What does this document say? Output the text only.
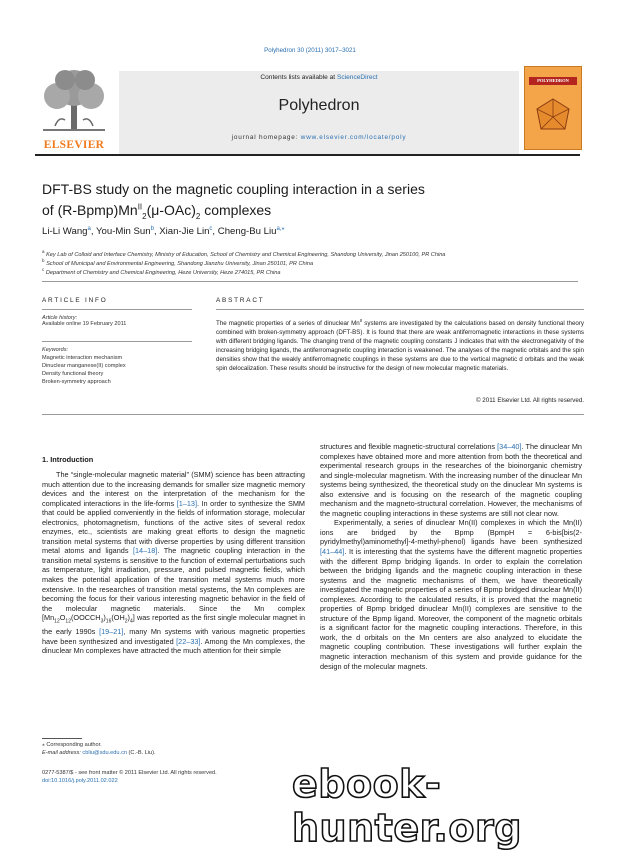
Polyhedron 30 (2011) 3017–3021
ELSEVIER
Contents lists available at ScienceDirect
Polyhedron
journal homepage: www.elsevier.com/locate/poly
POLYHEDRON
DFT-BS study on the magnetic coupling interaction in a series
of $(R-Bpmp)Mn^{II}_2(\mu-OAc)_2$ complexes
Li-Li Wang$^a$, You-Min Sun$^b$, Xian-Jie Lin$^c$, Cheng-Bu Liu$^{a,⁎}$
$^a$ Key Lab of Colloid and Interface Chemistry, Ministry of Education, School of Chemistry and Chemical Engineering, Shandong University, Jinan 250100, PR China
$^b$ School of Municipal and Environmental Engineering, Shandong Jianzhu University, Jinan 250101, PR China
$^c$ Department of Chemistry and Chemical Engineering, Heze University, Heze 274015, PR China
ARTICLE INFO
Article history:
Available online 19 February 2011
Keywords:
Magnetic interaction mechanism
Dinuclear manganese(II) complex
Density functional theory
Broken-symmetry approach
ABSTRACT
The magnetic properties of a series of dinuclear $Mn^{II}$ systems are investigated by the calculations based on density functional theory combined with broken-symmetry approach (DFT-BS). It is found that there are weak antiferromagnetic interactions in these systems with different bridging ligands. The changing trend of the magnetic coupling constants J indicates that with the electronegativity of the increasing bridging ligands, the antiferromagnetic coupling interaction is weakened. The analyses of the magnetic orbitals and the spin densities show that the weakly antiferromagnetic couplings in these systems are due to the vertical magnetic d orbitals and the weak spin delocalization. These results should be instructive for the design of new molecular magnetic materials.
© 2011 Elsevier Ltd. All rights reserved.
1. Introduction

The “single-molecular magnetic material” (SMM) science has been attracting much attention due to the increasing demands for smaller size magnetic memory devices and the interest on the interpretation of the mechanism for the complicated interactions in the life-forms [1–13]. In order to synthesize the SMM that could be applied conveniently in the fields of information storage, molecular electronics, photomagnetism, functions of the active sites of several redox enzymes, etc., scientists are making great efforts to design the magnetic transition metal systems that with diverse properties by using different transition metal atoms and ligands [14–18]. The magnetic coupling interaction in the transition metal systems is sensitive to the function of external perturbations such as temperature, light irradiation, pressure, and pulsed magnetic fields, which makes the potential application of the transition metal systems much more extensive. In the researches of transition metal systems, the Mn complexes are becoming the focus for their various interesting magnetic behavior in the field of the molecular magnetic materials. Since the Mn complex $[Mn_{12}O_{12}(OOCCH_3)_{16}(OH_2)_4]$ was reported as the first single molecular magnet in the early 1990s [19–21], many Mn systems with various magnetic properties have been synthesized and investigated [22–33]. Among the Mn complexes, the dinuclear Mn complexes have attracted the much attention for their simple

structures and flexible magnetic-structural correlations [34–40]. The dinuclear Mn complexes have obtained more and more attention from both the theoretical and experimental research groups in the researches of the bioinorganic chemistry and single-molecular magnetism. With the increasing number of the dinuclear Mn systems being synthesized, the theoretical study on the dinuclear Mn systems is also extensive and is focusing on the research of the magnetic coupling mechanism and the magneto-structural correlation. However, the mechanisms of the magnetic coupling interactions in these systems are still not clear now.

Experimentally, a series of dinuclear Mn(II) complexes in which the Mn(II) ions are bridged by the Bpmp (BpmpH = 6-bis[bis(2-pyridylmethyl)aminomethyl]-4-methyl-phenol) ligands have been synthesized [41–44]. It is interesting that the systems have the different magnetic properties with the different Bpmp bridging ligands. In order to explain the correlation between the bridging ligands and the magnetic coupling interaction in these systems and the magnetic mechanisms of them, we have theoretically investigated the magnetic properties of a series of Bpmp bridged dinuclear Mn(II) complexes. According to the calculated results, it is proved that the magnetic properties of Bpmp bridged dinuclear Mn(II) complexes are sensitive to the structure of the Bpmp ligand. Moreover, the component of the magnetic orbitals is a significant factor for the magnetic coupling interactions. Therefore, in this work, the d orbitals on the Mn centers are also analyzed to elucidate the magnetic coupling contribution. These investigations will further explain the magnetic interaction mechanism of this system and provide guidance for the design of the molecular magnets.

⁎ Corresponding author.
E-mail address: cbliu@sdu.edu.cn (C.-B. Liu).
0277-5387/$ - see front matter © 2011 Elsevier Ltd. All rights reserved.
doi:10.1016/j.poly.2011.02.022	ebook-hunter.org
